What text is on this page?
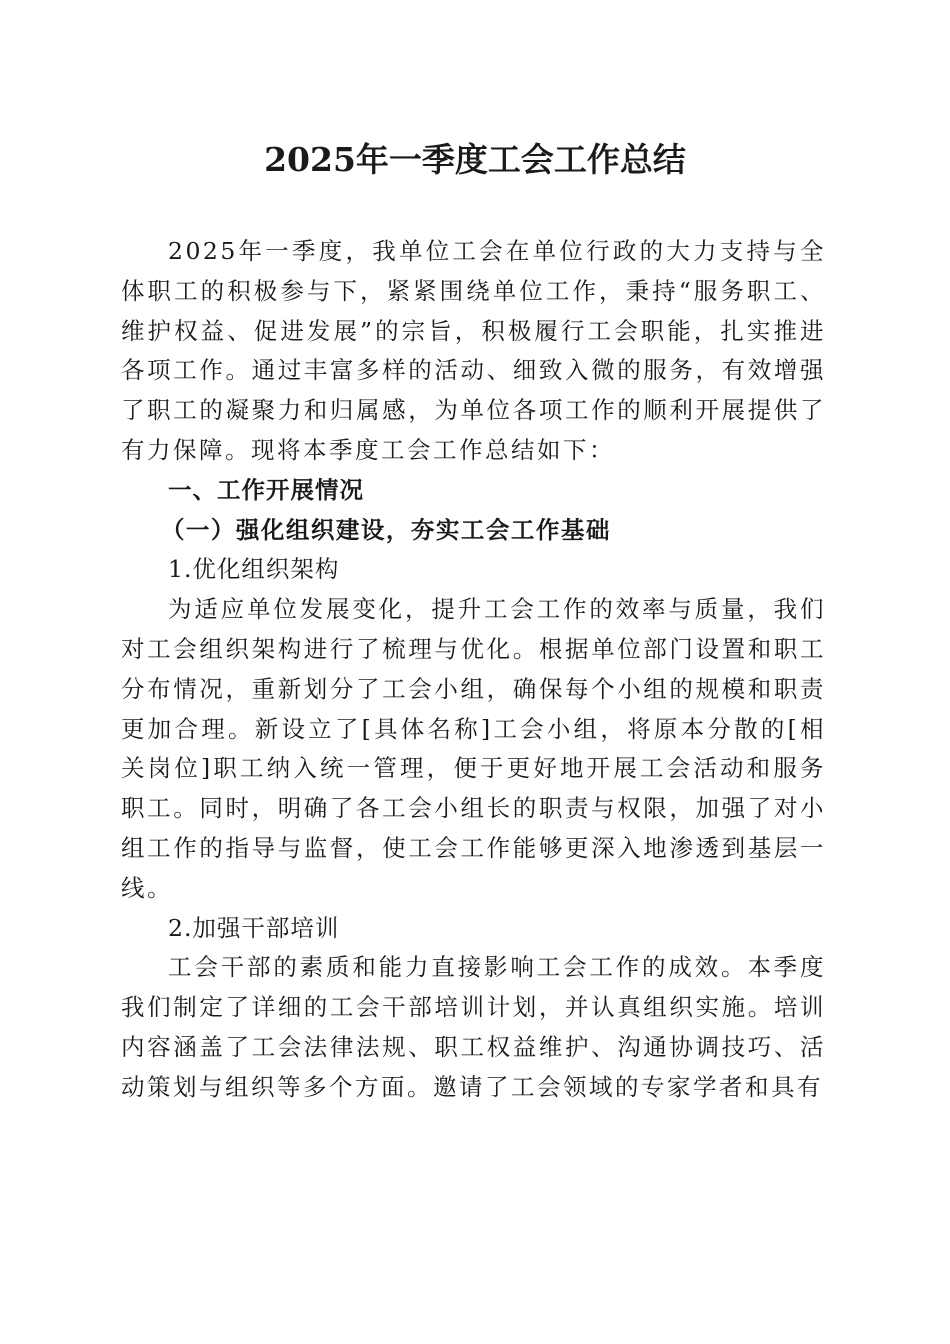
2025年一季度工会工作总结

2025年一季度，我单位工会在单位行政的大力支持与全体职工的积极参与下，紧紧围绕单位工作，秉持“服务职工、维护权益、促进发展”的宗旨，积极履行工会职能，扎实推进各项工作。通过丰富多样的活动、细致入微的服务，有效增强了职工的凝聚力和归属感，为单位各项工作的顺利开展提供了有力保障。现将本季度工会工作总结如下：

一、工作开展情况

（一）强化组织建设，夯实工会工作基础

1.优化组织架构

为适应单位发展变化，提升工会工作的效率与质量，我们对工会组织架构进行了梳理与优化。根据单位部门设置和职工分布情况，重新划分了工会小组，确保每个小组的规模和职责更加合理。新设立了[具体名称]工会小组，将原本分散的[相关岗位]职工纳入统一管理，便于更好地开展工会活动和服务职工。同时，明确了各工会小组长的职责与权限，加强了对小组工作的指导与监督，使工会工作能够更深入地渗透到基层一线。

2.加强干部培训

工会干部的素质和能力直接影响工会工作的成效。本季度我们制定了详细的工会干部培训计划，并认真组织实施。培训内容涵盖了工会法律法规、职工权益维护、沟通协调技巧、活动策划与组织等多个方面。邀请了工会领域的专家学者和具有
